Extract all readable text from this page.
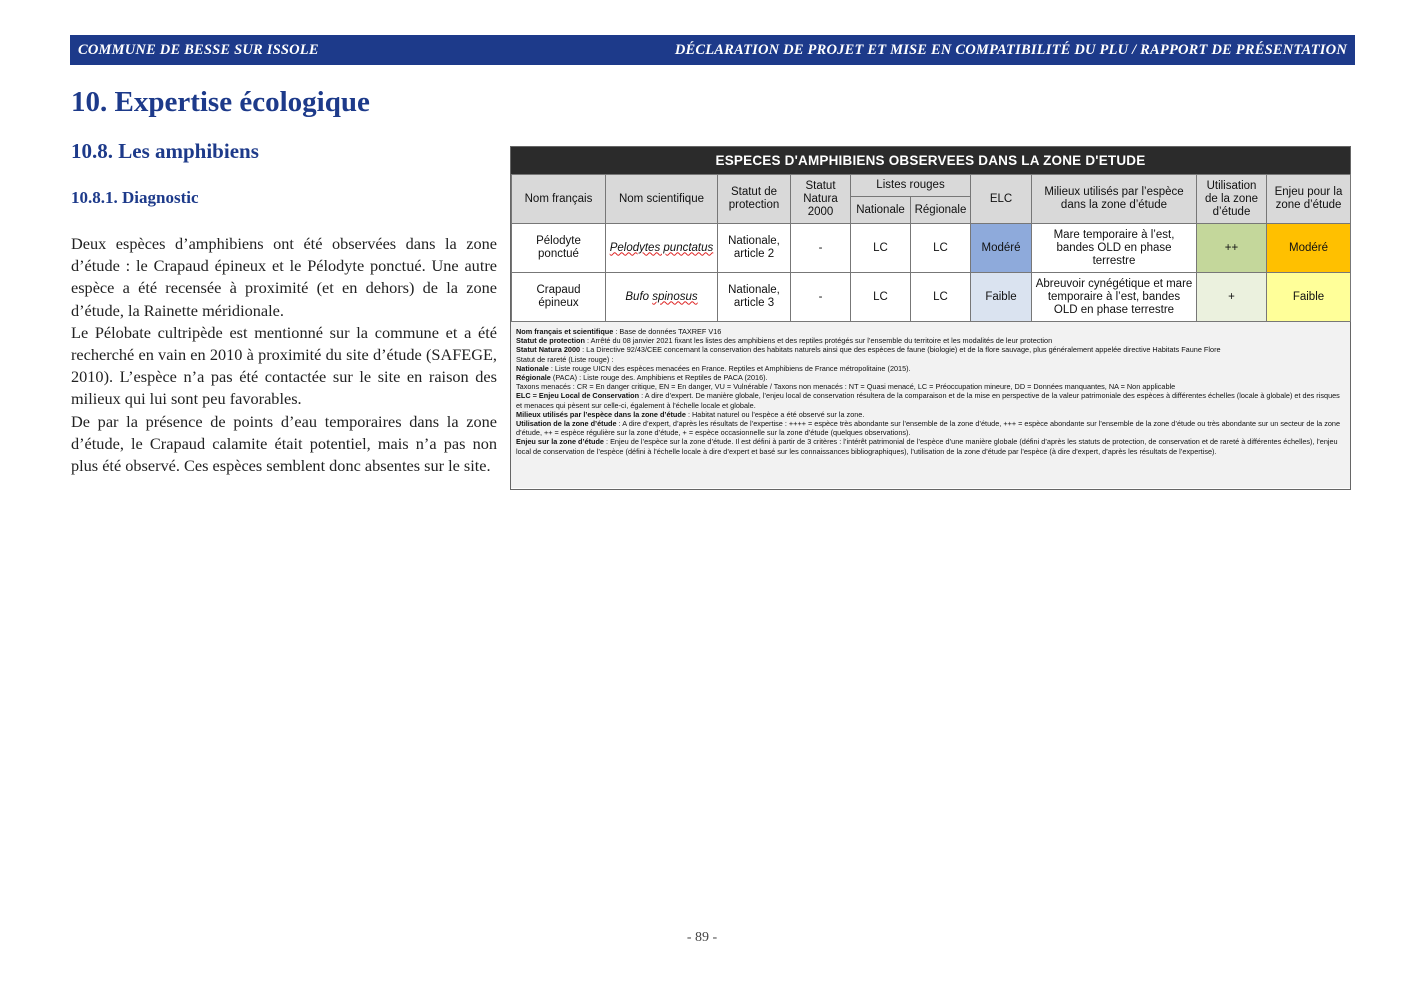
COMMUNE DE BESSE SUR ISSOLE	DÉCLARATION DE PROJET ET MISE EN COMPATIBILITÉ DU PLU / RAPPORT DE PRÉSENTATION
10. Expertise écologique
10.8. Les amphibiens
10.8.1. Diagnostic

Deux espèces d’amphibiens ont été observées dans la zone d’étude : le Crapaud épineux et le Pélodyte ponctué. Une autre espèce a été recensée à proximité (et en dehors) de la zone d’étude, la Rainette méridionale.

Le Pélobate cultripède est mentionné sur la commune et a été recherché en vain en 2010 à proximité du site d’étude (SAFEGE, 2010). L’espèce n’a pas été contactée sur le site en raison des milieux qui lui sont peu favorables.

De par la présence de points d’eau temporaires dans la zone d’étude, le Crapaud calamite était potentiel, mais n’a pas non plus été observé. Ces espèces semblent donc absentes sur le site.

ESPECES D'AMPHIBIENS OBSERVEES DANS LA ZONE D'ETUDE
Nom français	Nom scientifique	Statut de protection	Statut Natura 2000	Listes rouges		ELC	Milieux utilisés par l’espèce dans la zone d’étude	Utilisation de la zone d’étude	Enjeu pour la zone d’étude
				Nationale	Régionale				
Pélodyte ponctué	Pelodytes punctatus	Nationale, article 2	-	LC	LC	Modéré	Mare temporaire à l’est, bandes OLD en phase terrestre	++	Modéré
Crapaud épineux	Bufo spinosus	Nationale, article 3	-	LC	LC	Faible	Abreuvoir cynégétique et mare temporaire à l’est, bandes OLD en phase terrestre	+	Faible
Nom français et scientifique : Base de données TAXREF V16
Statut de protection : Arrêté du 08 janvier 2021 fixant les listes des amphibiens et des reptiles protégés sur l’ensemble du territoire et les modalités de leur protection
Statut Natura 2000 : La Directive 92/43/CEE concernant la conservation des habitats naturels ainsi que des espèces de faune (biologie) et de la flore sauvage, plus généralement appelée directive Habitats Faune Flore
Statut de rareté (Liste rouge) :
Nationale : Liste rouge UICN des espèces menacées en France. Reptiles et Amphibiens de France métropolitaine (2015).
Régionale (PACA) : Liste rouge des. Amphibiens et Reptiles de PACA (2016).
Taxons menacés : CR = En danger critique, EN = En danger, VU = Vulnérable / Taxons non menacés : NT = Quasi menacé, LC = Préoccupation mineure, DD = Données manquantes, NA = Non applicable
ELC = Enjeu Local de Conservation : A dire d’expert. De manière globale, l’enjeu local de conservation résultera de la comparaison et de la mise en perspective de la valeur patrimoniale des espèces à différentes échelles (locale à globale) et des risques et menaces qui pèsent sur celle-ci, également à l’échelle locale et globale.
Milieux utilisés par l’espèce dans la zone d’étude : Habitat naturel ou l’espèce a été observé sur la zone.
Utilisation de la zone d’étude : A dire d’expert, d’après les résultats de l’expertise : ++++ = espèce très abondante sur l’ensemble de la zone d’étude, +++ = espèce abondante sur l’ensemble de la zone d’étude ou très abondante sur un secteur de la zone d’étude, ++ = espèce régulière sur la zone d’étude, + = espèce occasionnelle sur la zone d’étude (quelques observations).
Enjeu sur la zone d’étude : Enjeu de l’espèce sur la zone d’étude. Il est défini à partir de 3 critères : l’intérêt patrimonial de l’espèce d’une manière globale (défini d’après les statuts de protection, de conservation et de rareté à différentes échelles), l’enjeu local de conservation de l’espèce (défini à l’échelle locale à dire d’expert et basé sur les connaissances bibliographiques), l’utilisation de la zone d’étude par l’espèce (à dire d’expert, d’après les résultats de l’expertise).
- 89 -
